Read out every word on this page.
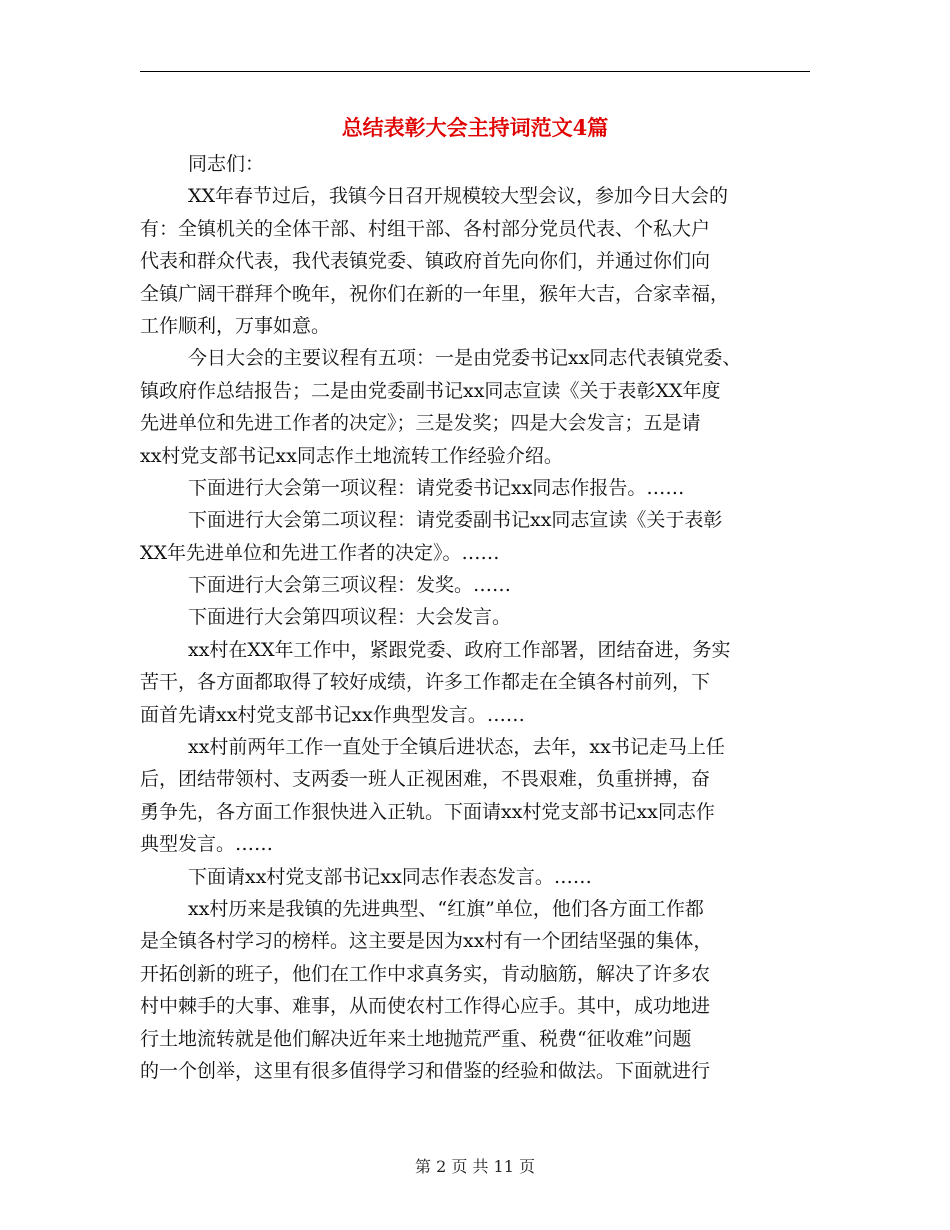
总结表彰大会主持词范文4篇
同志们：
XX年春节过后，我镇今日召开规模较大型会议，参加今日大会的
有：全镇机关的全体干部、村组干部、各村部分党员代表、个私大户
代表和群众代表，我代表镇党委、镇政府首先向你们，并通过你们向
全镇广阔干群拜个晚年，祝你们在新的一年里，猴年大吉，合家幸福，
工作顺利，万事如意。
今日大会的主要议程有五项：一是由党委书记xx同志代表镇党委、
镇政府作总结报告；二是由党委副书记xx同志宣读《关于表彰XX年度
先进单位和先进工作者的决定》；三是发奖；四是大会发言；五是请
xx村党支部书记xx同志作土地流转工作经验介绍。
下面进行大会第一项议程：请党委书记xx同志作报告。……
下面进行大会第二项议程：请党委副书记xx同志宣读《关于表彰
XX年先进单位和先进工作者的决定》。……
下面进行大会第三项议程：发奖。……
下面进行大会第四项议程：大会发言。
xx村在XX年工作中，紧跟党委、政府工作部署，团结奋进，务实
苦干，各方面都取得了较好成绩，许多工作都走在全镇各村前列，下
面首先请xx村党支部书记xx作典型发言。……
xx村前两年工作一直处于全镇后进状态，去年，xx书记走马上任
后，团结带领村、支两委一班人正视困难，不畏艰难，负重拼搏，奋
勇争先，各方面工作狠快进入正轨。下面请xx村党支部书记xx同志作
典型发言。……
下面请xx村党支部书记xx同志作表态发言。……
xx村历来是我镇的先进典型、“红旗”单位，他们各方面工作都
是全镇各村学习的榜样。这主要是因为xx村有一个团结坚强的集体，
开拓创新的班子，他们在工作中求真务实，肯动脑筋，解决了许多农
村中棘手的大事、难事，从而使农村工作得心应手。其中，成功地进
行土地流转就是他们解决近年来土地抛荒严重、税费“征收难”问题
的一个创举，这里有很多值得学习和借鉴的经验和做法。下面就进行
第 2 页 共 11 页
